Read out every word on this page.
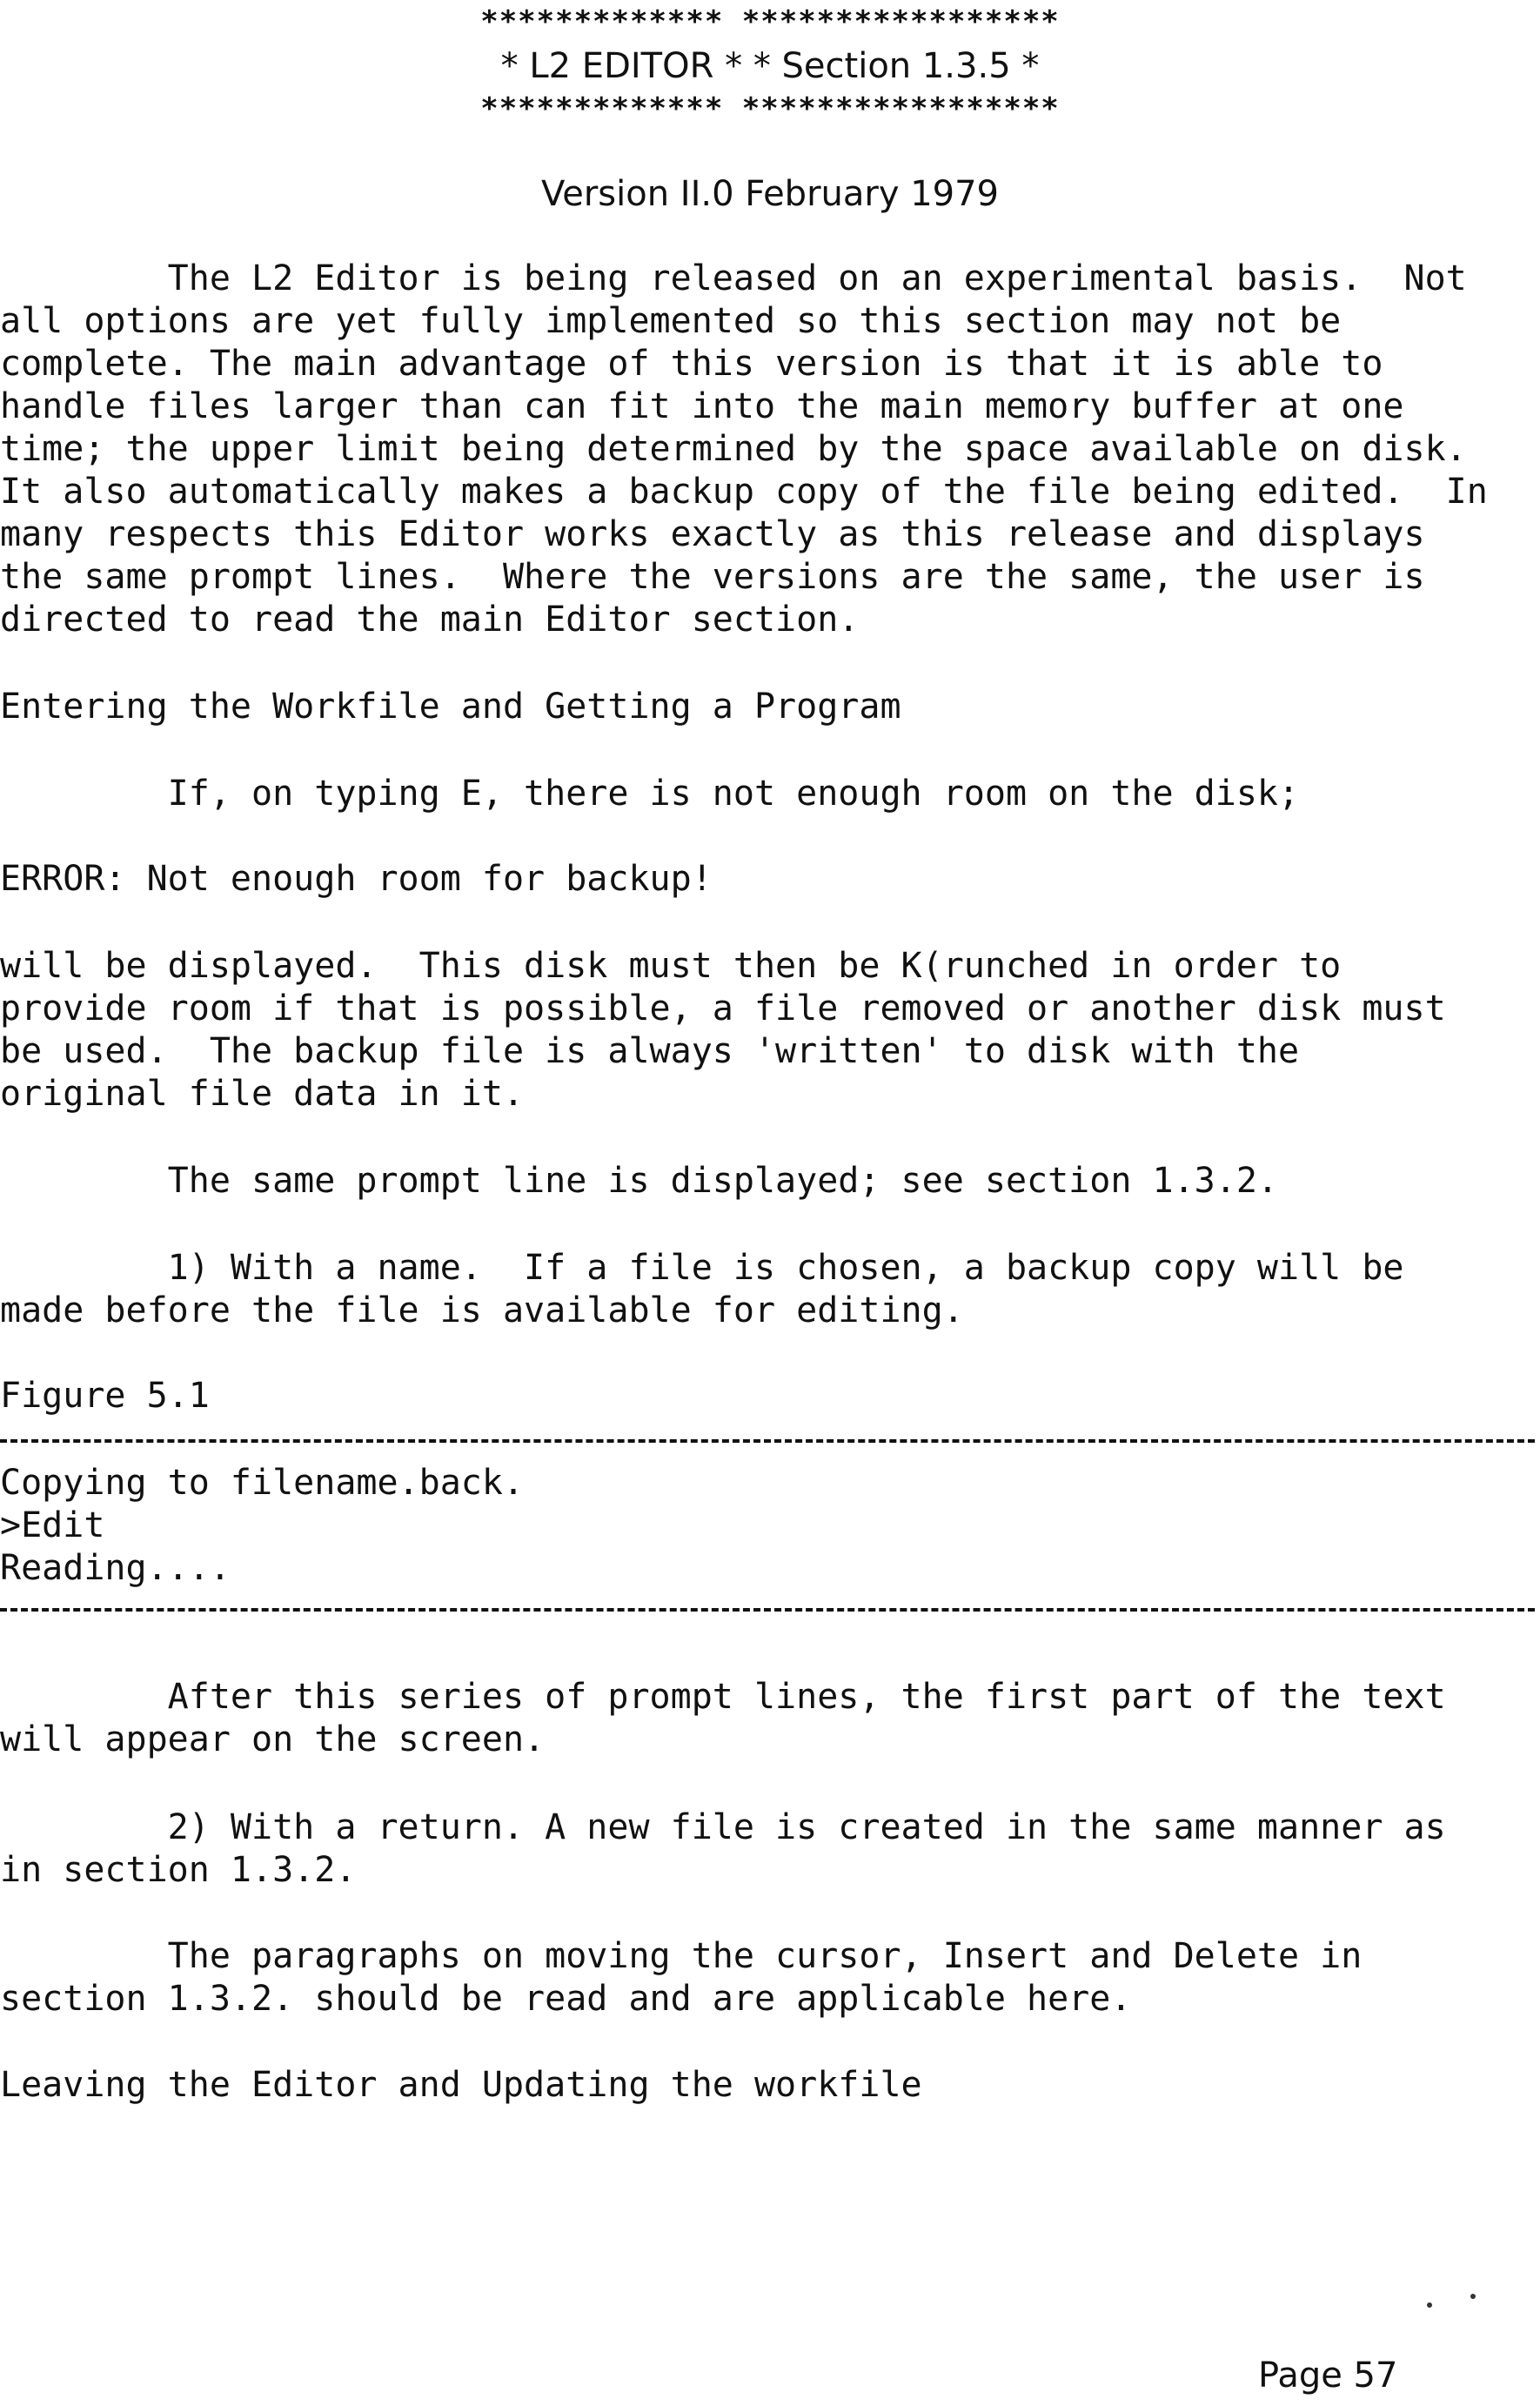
************* *****************
* L2 EDITOR * * Section 1.3.5 *
************* *****************
Version II.0 February 1979
The L2 Editor is being released on an experimental basis.  Not
all options are yet fully implemented so this section may not be
complete. The main advantage of this version is that it is able to
handle files larger than can fit into the main memory buffer at one
time; the upper limit being determined by the space available on disk.
It also automatically makes a backup copy of the file being edited.  In
many respects this Editor works exactly as this release and displays
the same prompt lines.  Where the versions are the same, the user is
directed to read the main Editor section.
Entering the Workfile and Getting a Program
If, on typing E, there is not enough room on the disk;
ERROR: Not enough room for backup!
will be displayed.  This disk must then be K(runched in order to
provide room if that is possible, a file removed or another disk must
be used.  The backup file is always 'written' to disk with the
original file data in it.
The same prompt line is displayed; see section 1.3.2.
1) With a name.  If a file is chosen, a backup copy will be
made before the file is available for editing.
Figure 5.1
Copying to filename.back.
>Edit
Reading....
After this series of prompt lines, the first part of the text
will appear on the screen.
2) With a return. A new file is created in the same manner as
in section 1.3.2.
The paragraphs on moving the cursor, Insert and Delete in
section 1.3.2. should be read and are applicable here.
Leaving the Editor and Updating the workfile
Page 57
